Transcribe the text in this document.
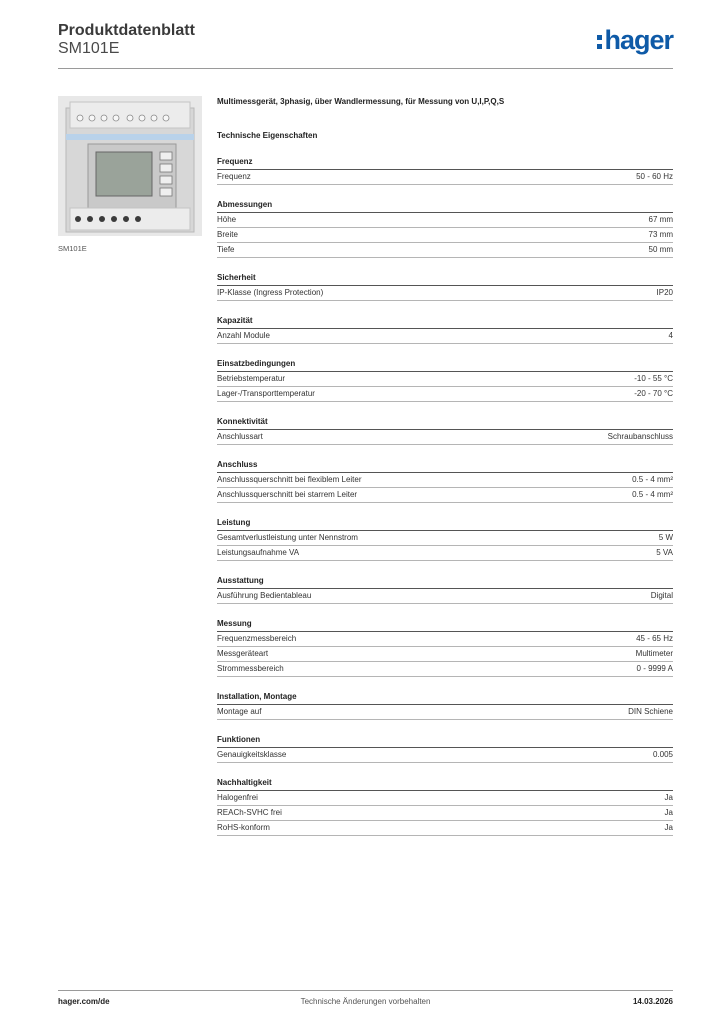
Produktdatenblatt
SM101E	hager
SM101E
Multimessgerät, 3phasig, über Wandlermessung, für Messung von U,I,P,Q,S
Technische Eigenschaften
Frequenz
Frequenz	50 - 60 Hz
Abmessungen
Höhe	67 mm
Breite	73 mm
Tiefe	50 mm
Sicherheit
IP-Klasse (Ingress Protection)	IP20
Kapazität
Anzahl Module	4
Einsatzbedingungen
Betriebstemperatur	-10 - 55 °C
Lager-/Transporttemperatur	-20 - 70 °C
Konnektivität
Anschlussart	Schraubanschluss
Anschluss
Anschlussquerschnitt bei flexiblem Leiter	0.5 - 4 mm²
Anschlussquerschnitt bei starrem Leiter	0.5 - 4 mm²
Leistung
Gesamtverlustleistung unter Nennstrom	5 W
Leistungsaufnahme VA	5 VA
Ausstattung
Ausführung Bedientableau	Digital
Messung
Frequenzmessbereich	45 - 65 Hz
Messgeräteart	Multimeter
Strommessbereich	0 - 9999 A
Installation, Montage
Montage auf	DIN Schiene
Funktionen
Genauigkeitsklasse	0.005
Nachhaltigkeit
Halogenfrei	Ja
REACh-SVHC frei	Ja
RoHS-konform	Ja
hager.com/de	Technische Änderungen vorbehalten	14.03.2026
